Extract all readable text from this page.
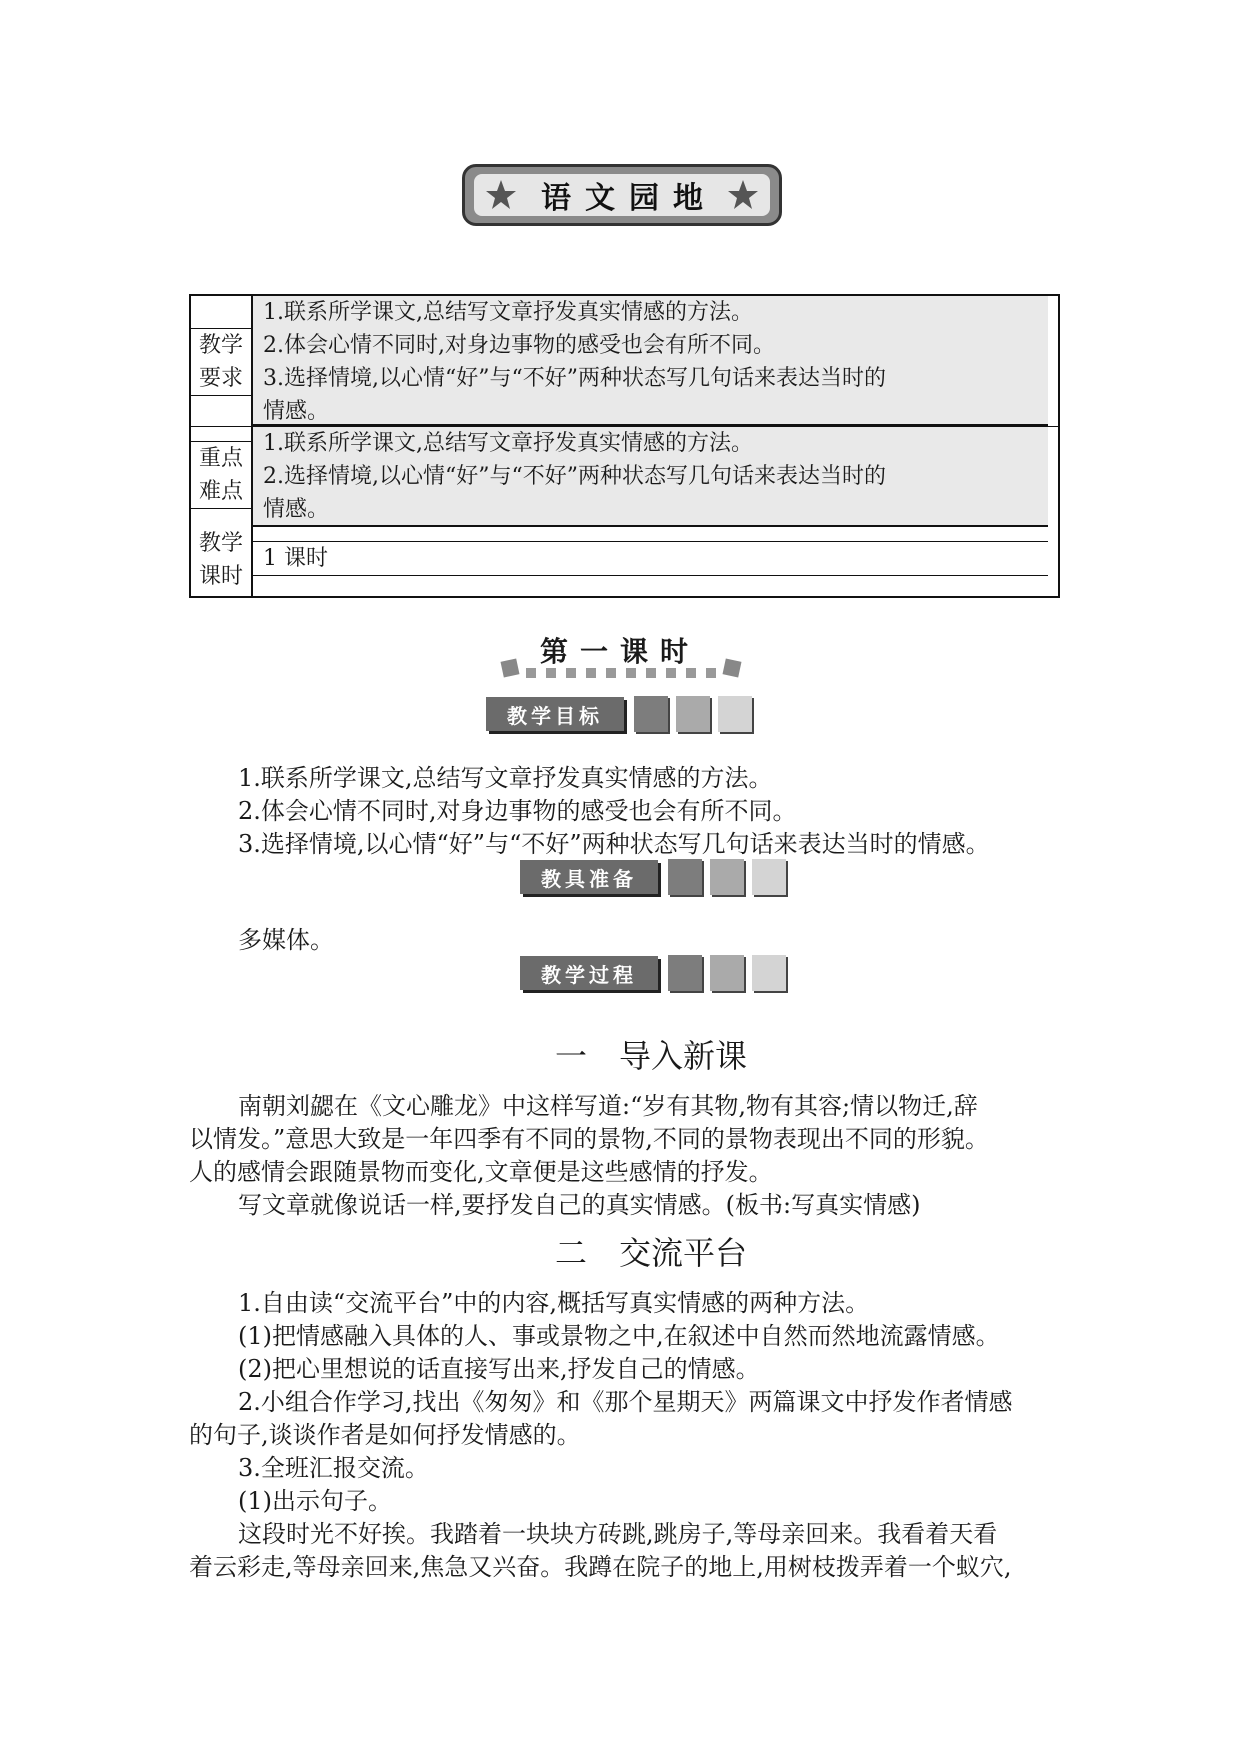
语文园地
教学
要求
1.联系所学课文,总结写文章抒发真实情感的方法。
2.体会心情不同时,对身边事物的感受也会有所不同。
3.选择情境,以心情“好”与“不好”两种状态写几句话来表达当时的
情感。
重点
难点
1.联系所学课文,总结写文章抒发真实情感的方法。
2.选择情境,以心情“好”与“不好”两种状态写几句话来表达当时的
情感。
教学
课时
1 课时
第一课时
教学目标
1.联系所学课文,总结写文章抒发真实情感的方法。
2.体会心情不同时,对身边事物的感受也会有所不同。
3.选择情境,以心情“好”与“不好”两种状态写几句话来表达当时的情感。
教具准备
多媒体。
教学过程
一　导入新课
南朝刘勰在《文心雕龙》中这样写道:“岁有其物,物有其容;情以物迁,辞
以情发。”意思大致是一年四季有不同的景物,不同的景物表现出不同的形貌。
人的感情会跟随景物而变化,文章便是这些感情的抒发。
写文章就像说话一样,要抒发自己的真实情感。(板书:写真实情感)
二　交流平台
1.自由读“交流平台”中的内容,概括写真实情感的两种方法。
(1)把情感融入具体的人、事或景物之中,在叙述中自然而然地流露情感。
(2)把心里想说的话直接写出来,抒发自己的情感。
2.小组合作学习,找出《匆匆》和《那个星期天》两篇课文中抒发作者情感
的句子,谈谈作者是如何抒发情感的。
3.全班汇报交流。
(1)出示句子。
这段时光不好挨。我踏着一块块方砖跳,跳房子,等母亲回来。我看着天看
着云彩走,等母亲回来,焦急又兴奋。我蹲在院子的地上,用树枝拨弄着一个蚁穴,
